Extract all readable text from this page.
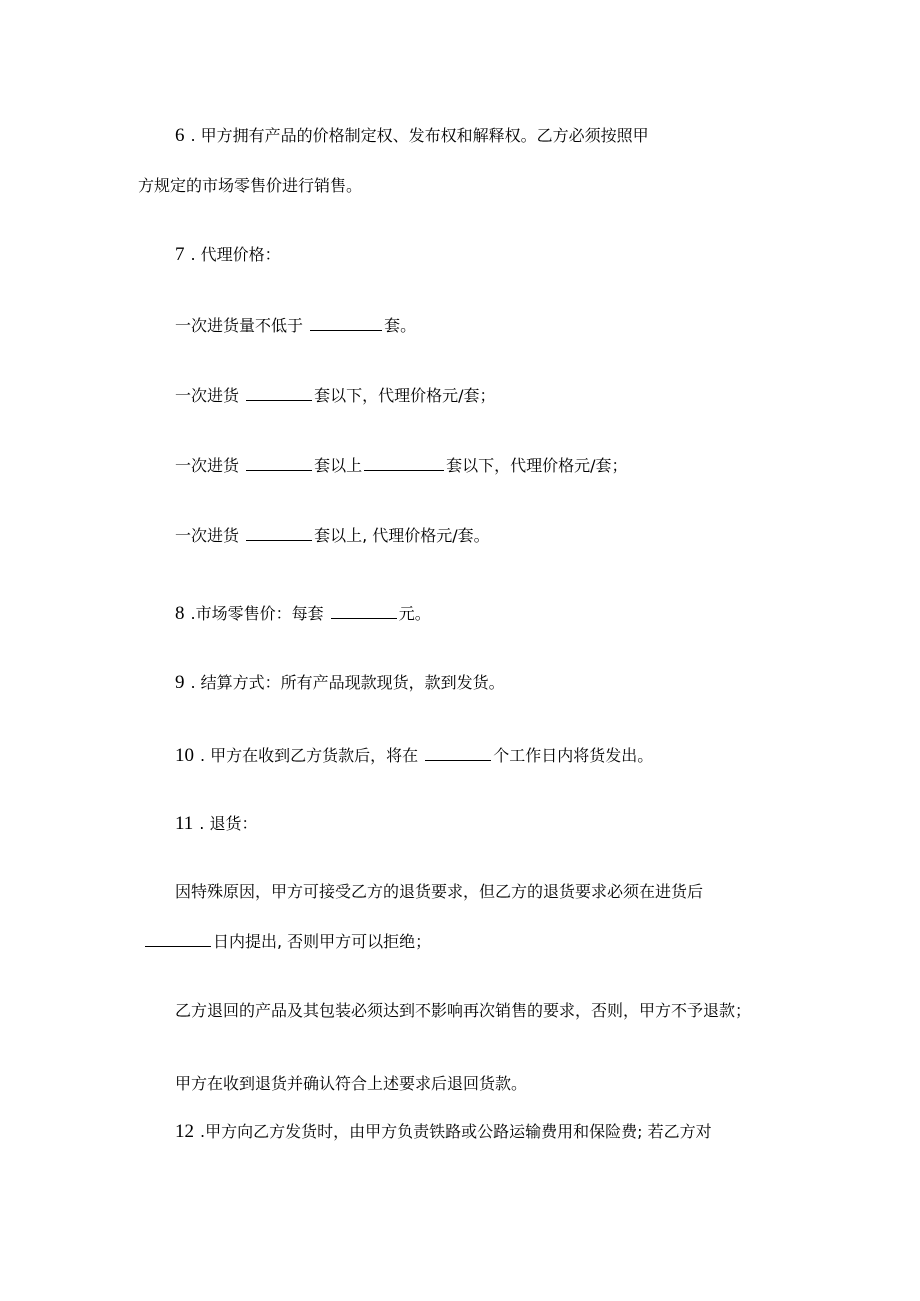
6 . 甲方拥有产品的价格制定权、发布权和解释权。乙方必须按照甲
方规定的市场零售价进行销售。
7 . 代理价格：
一次进货量不低于	套。
一次进货	套以下，代理价格元/套；
一次进货	套以上	套以下，代理价格元/套；
一次进货	套以上, 代理价格元/套。
8 .市场零售价：每套	元。
9 . 结算方式：所有产品现款现货，款到发货。
10 . 甲方在收到乙方货款后，将在	个工作日内将货发出。
11 . 退货：
因特殊原因，甲方可接受乙方的退货要求，但乙方的退货要求必须在进货后
日内提出, 否则甲方可以拒绝；
乙方退回的产品及其包装必须达到不影响再次销售的要求，否则，甲方不予退款；
甲方在收到退货并确认符合上述要求后退回货款。
12 .甲方向乙方发货时，由甲方负责铁路或公路运输费用和保险费; 若乙方对
